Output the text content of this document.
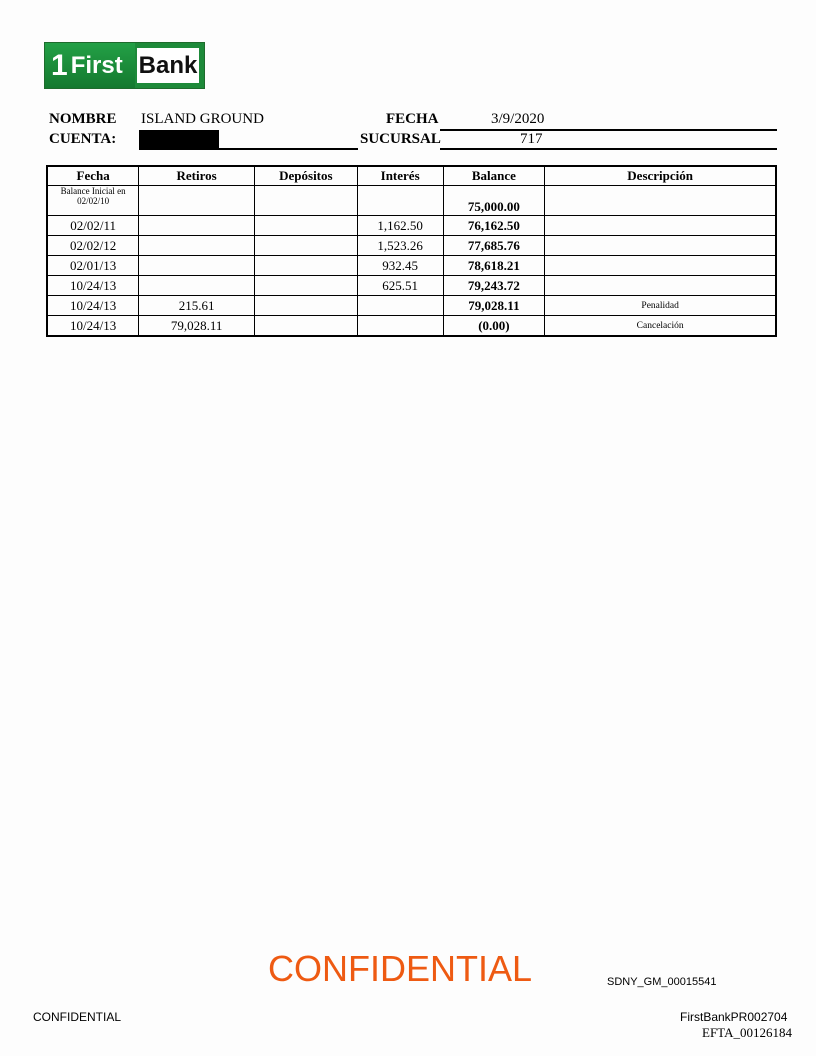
1 First Bank
NOMBRE ISLAND GROUND	FECHA	3/9/2020
CUENTA:	SUCURSAL	717
Fecha	Retiros	Depósitos	Interés	Balance	Descripción
Balance Inicial en 02/02/10				75,000.00	
02/02/11			1,162.50	76,162.50	
02/02/12			1,523.26	77,685.76	
02/01/13			932.45	78,618.21	
10/24/13			625.51	79,243.72	
10/24/13	215.61			79,028.11	Penalidad
10/24/13	79,028.11			(0.00)	Cancelación
CONFIDENTIAL	SDNY_GM_00015541
CONFIDENTIAL	FirstBankPR002704
EFTA_00126184
